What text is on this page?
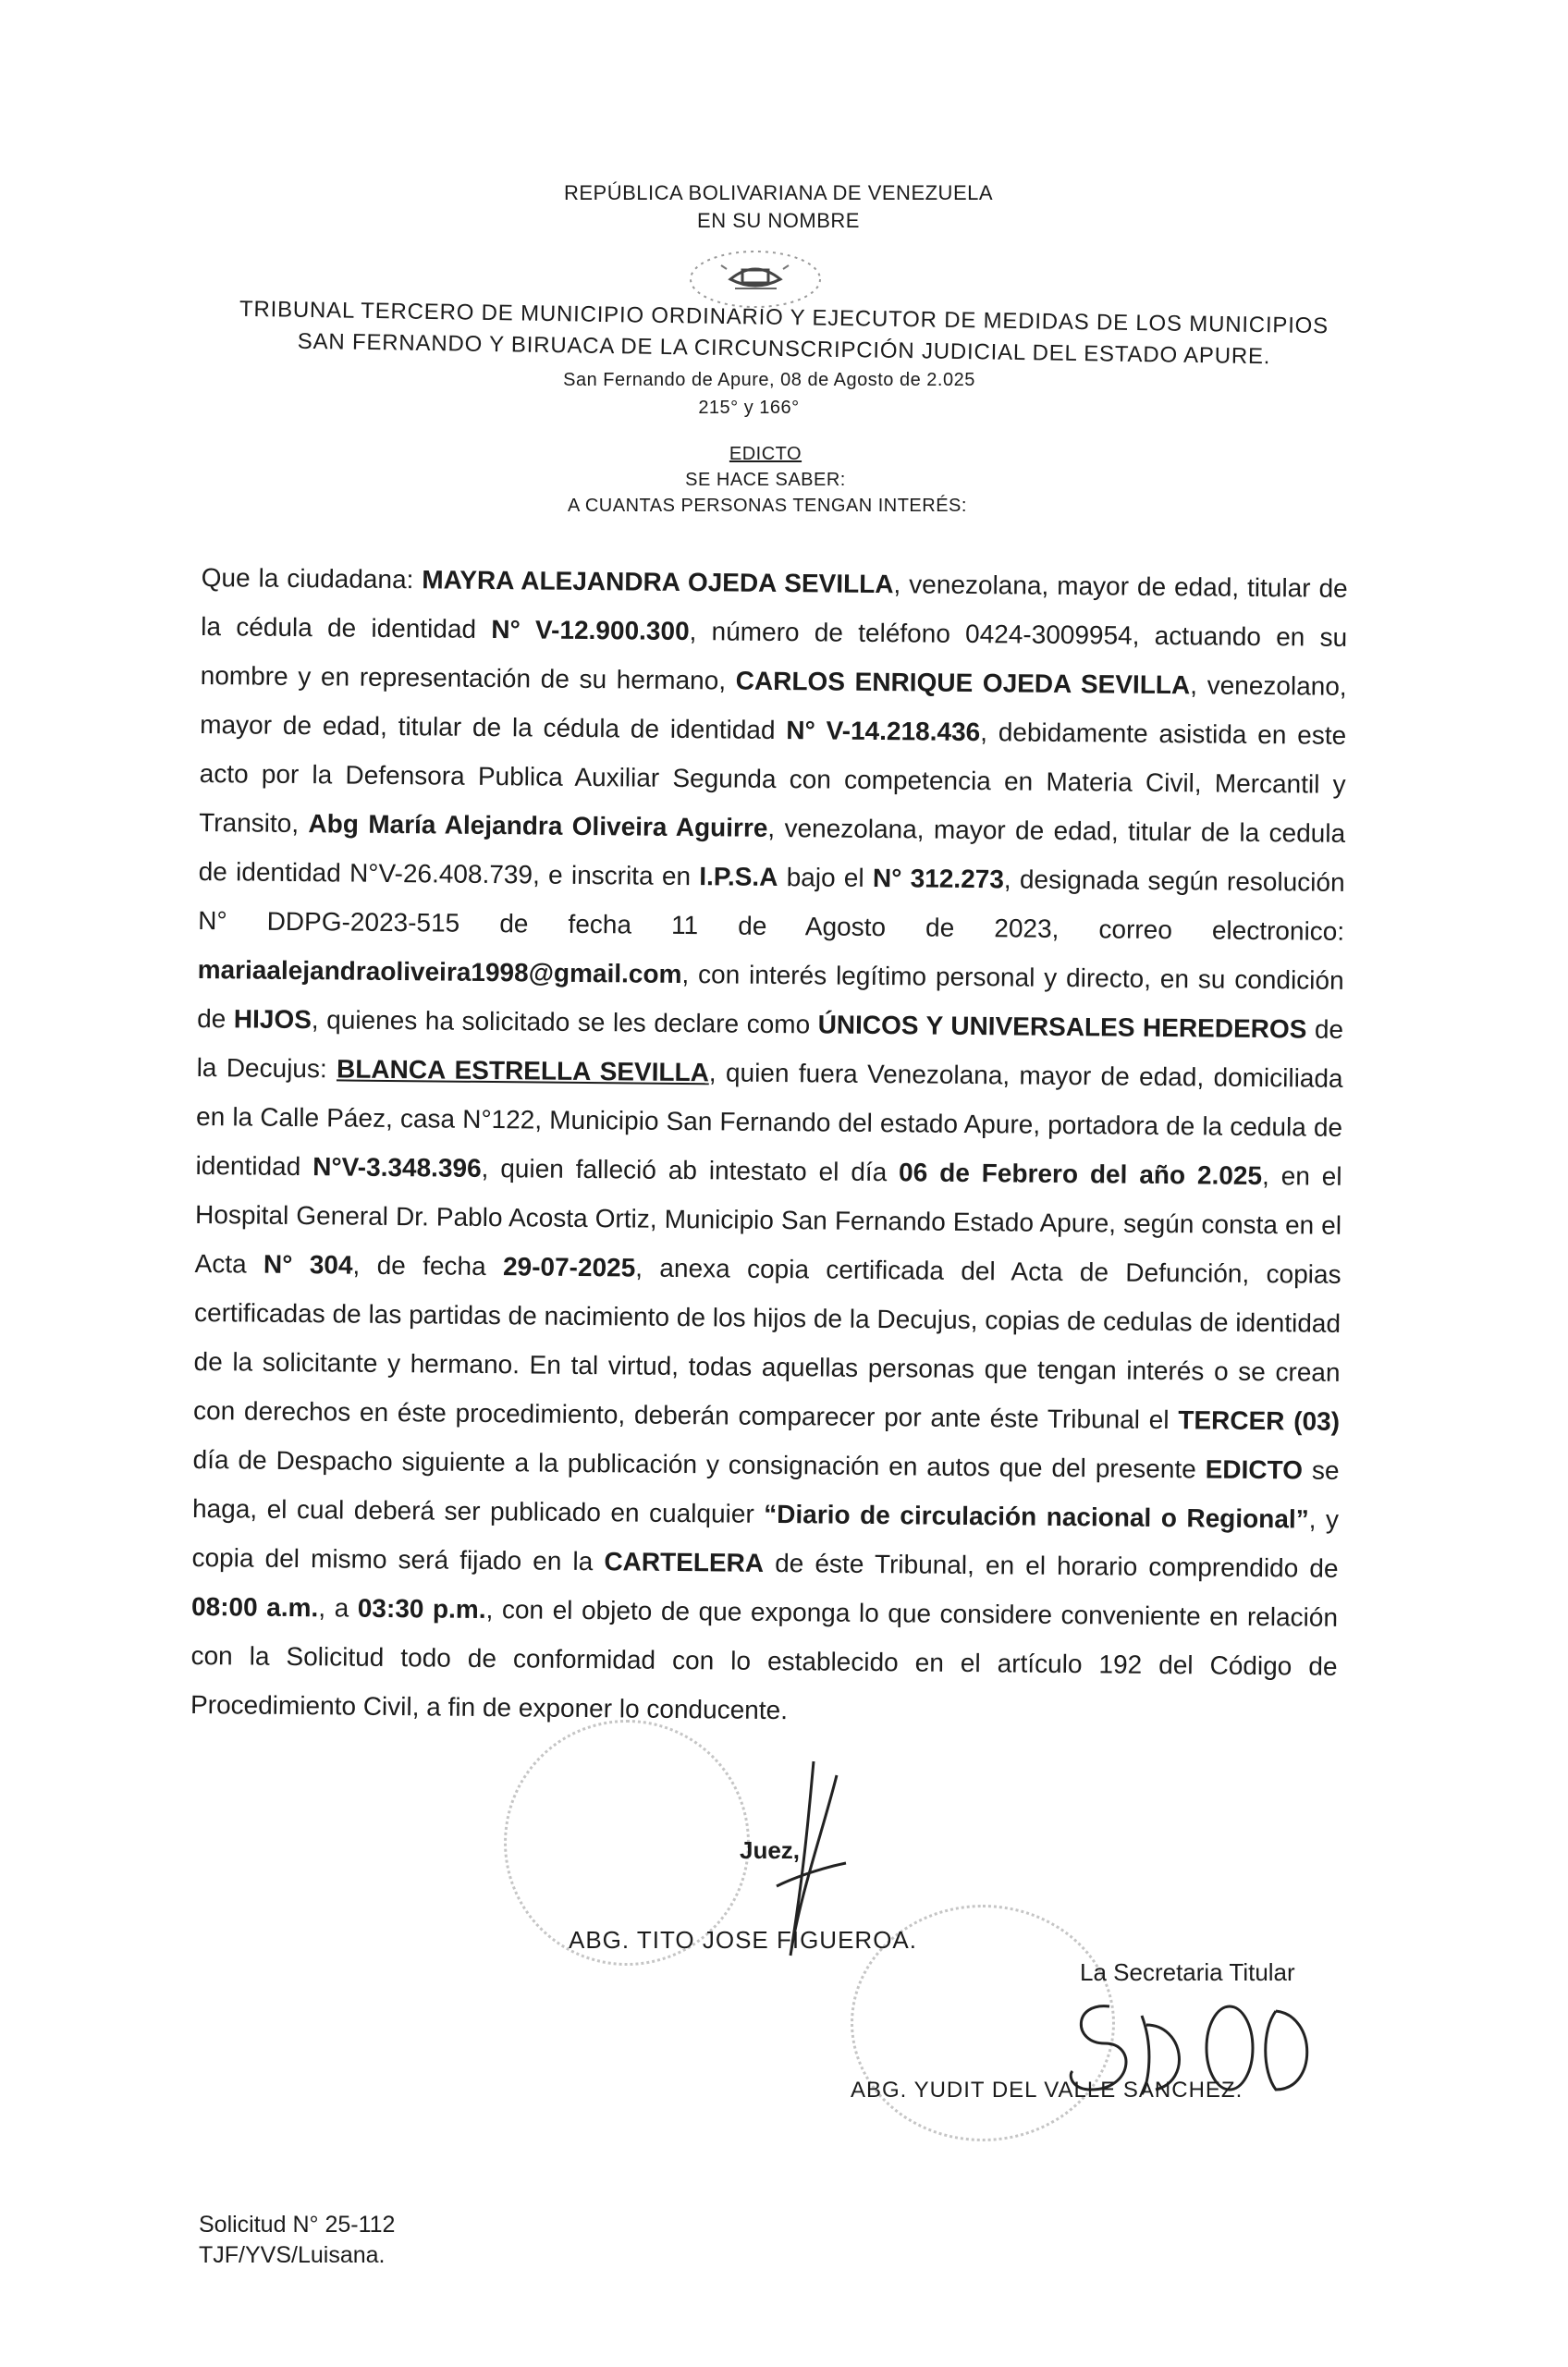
REPÚBLICA BOLIVARIANA DE VENEZUELA
EN SU NOMBRE
TRIBUNAL TERCERO DE MUNICIPIO ORDINARIO Y EJECUTOR DE MEDIDAS DE LOS MUNICIPIOS
SAN FERNANDO Y BIRUACA DE LA CIRCUNSCRIPCIÓN JUDICIAL DEL ESTADO APURE.
San Fernando de Apure, 08 de Agosto de 2.025
215° y 166°
EDICTO
SE HACE SABER:
A CUANTAS PERSONAS TENGAN INTERÉS:
Que la ciudadana: MAYRA ALEJANDRA OJEDA SEVILLA, venezolana, mayor de edad, titular de la cédula de identidad N° V-12.900.300, número de teléfono 0424-3009954, actuando en su nombre y en representación de su hermano, CARLOS ENRIQUE OJEDA SEVILLA, venezolano, mayor de edad, titular de la cédula de identidad N° V-14.218.436, debidamente asistida en este acto por la Defensora Publica Auxiliar Segunda con competencia en Materia Civil, Mercantil y Transito, Abg María Alejandra Oliveira Aguirre, venezolana, mayor de edad, titular de la cedula de identidad N°V-26.408.739, e inscrita en I.P.S.A bajo el N° 312.273, designada según resolución N° DDPG-2023-515 de fecha 11 de Agosto de 2023, correo electronico: mariaalejandraoliveira1998@gmail.com, con interés legítimo personal y directo, en su condición de HIJOS, quienes ha solicitado se les declare como ÚNICOS Y UNIVERSALES HEREDEROS de la Decujus: BLANCA ESTRELLA SEVILLA, quien fuera Venezolana, mayor de edad, domiciliada en la Calle Páez, casa N°122, Municipio San Fernando del estado Apure, portadora de la cedula de identidad N°V-3.348.396, quien falleció ab intestato el día 06 de Febrero del año 2.025, en el Hospital General Dr. Pablo Acosta Ortiz, Municipio San Fernando Estado Apure, según consta en el Acta N° 304, de fecha 29-07-2025, anexa copia certificada del Acta de Defunción, copias certificadas de las partidas de nacimiento de los hijos de la Decujus, copias de cedulas de identidad de la solicitante y hermano. En tal virtud, todas aquellas personas que tengan interés o se crean con derechos en éste procedimiento, deberán comparecer por ante éste Tribunal el TERCER (03) día de Despacho siguiente a la publicación y consignación en autos que del presente EDICTO se haga, el cual deberá ser publicado en cualquier “Diario de circulación nacional o Regional”, y copia del mismo será fijado en la CARTELERA de éste Tribunal, en el horario comprendido de 08:00 a.m., a 03:30 p.m., con el objeto de que exponga lo que considere conveniente en relación con la Solicitud todo de conformidad con lo establecido en el artículo 192 del Código de Procedimiento Civil, a fin de exponer lo conducente.
Juez,
ABG. TITO JOSE FIGUEROA.
La Secretaria Titular
ABG. YUDIT DEL VALLE SANCHEZ.
Solicitud N° 25-112
TJF/YVS/Luisana.
